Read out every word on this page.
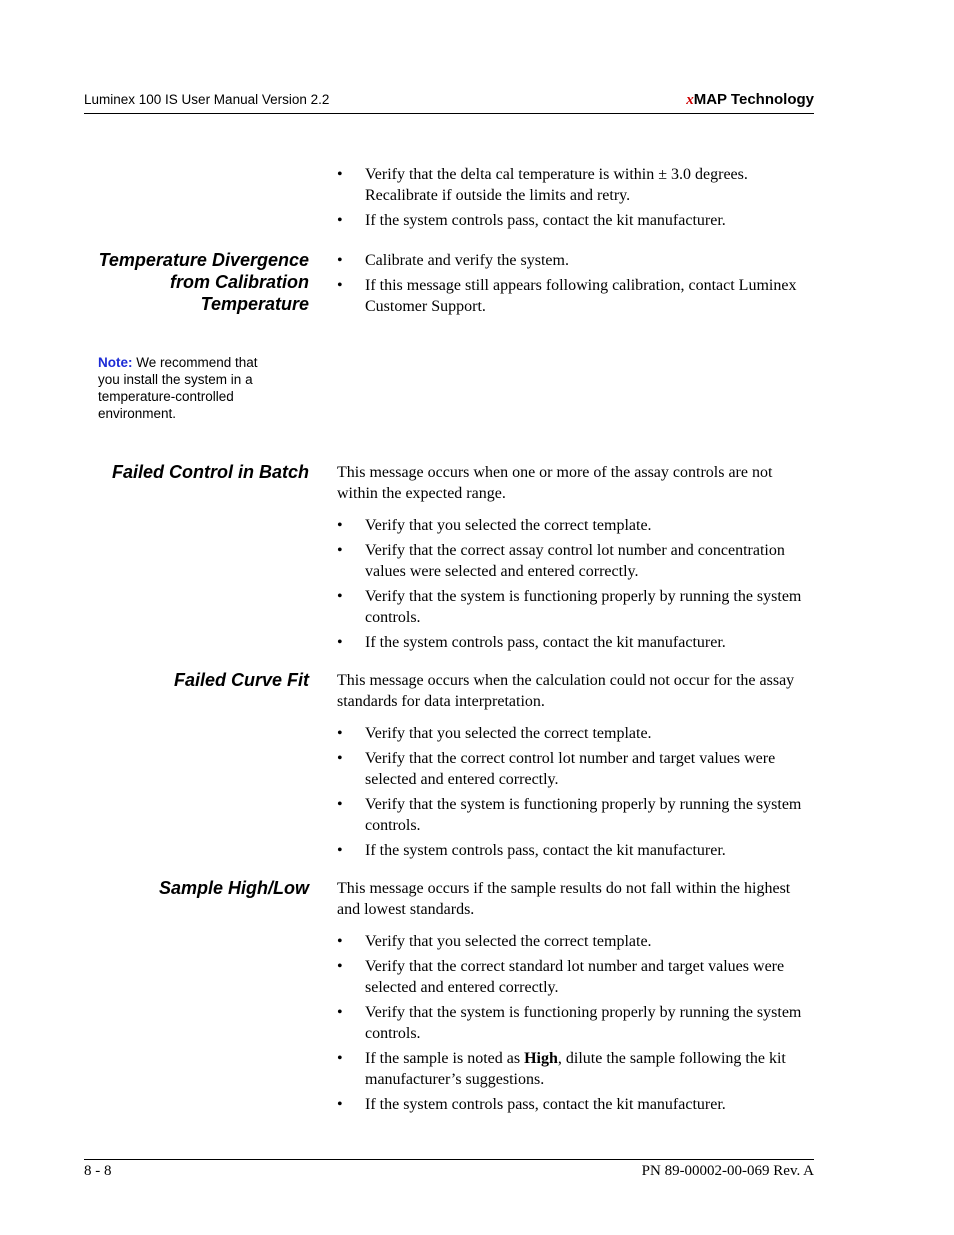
Luminex 100 IS User Manual Version 2.2	xMAP Technology
• Verify that the delta cal temperature is within ± 3.0 degrees. Recalibrate if outside the limits and retry.
• If the system controls pass, contact the kit manufacturer.
Temperature Divergence from Calibration Temperature
• Calibrate and verify the system.
• If this message still appears following calibration, contact Luminex Customer Support.
Note: We recommend that you install the system in a temperature-controlled environment.
Failed Control in Batch This message occurs when one or more of the assay controls are not within the expected range.

• Verify that you selected the correct template.
• Verify that the correct assay control lot number and concentration values were selected and entered correctly.
• Verify that the system is functioning properly by running the system controls.
• If the system controls pass, contact the kit manufacturer.
Failed Curve Fit This message occurs when the calculation could not occur for the assay standards for data interpretation.

• Verify that you selected the correct template.
• Verify that the correct control lot number and target values were selected and entered correctly.
• Verify that the system is functioning properly by running the system controls.
• If the system controls pass, contact the kit manufacturer.
Sample High/Low This message occurs if the sample results do not fall within the highest and lowest standards.

• Verify that you selected the correct template.
• Verify that the correct standard lot number and target values were selected and entered correctly.
• Verify that the system is functioning properly by running the system controls.
• If the sample is noted as High, dilute the sample following the kit manufacturer’s suggestions.
• If the system controls pass, contact the kit manufacturer.
8 - 8	PN 89-00002-00-069 Rev. A
